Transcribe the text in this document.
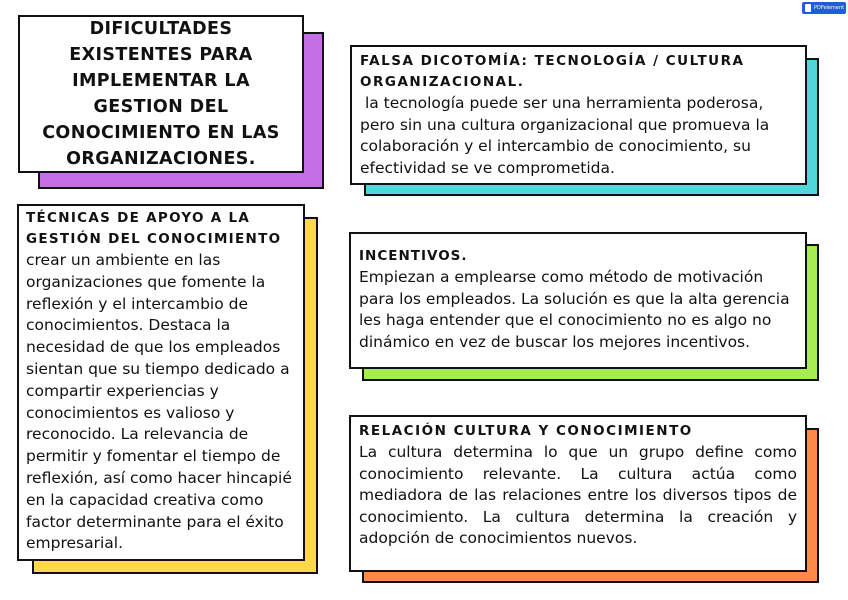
PDFelement
DIFICULTADES EXISTENTES PARA IMPLEMENTAR LA GESTION DEL CONOCIMIENTO EN LAS ORGANIZACIONES.
FALSA DICOTOMÍA: TECNOLOGÍA / CULTURA ORGANIZACIONAL.
la tecnología puede ser una herramienta poderosa, pero sin una cultura organizacional que promueva la colaboración y el intercambio de conocimiento, su efectividad se ve comprometida.
TÉCNICAS DE APOYO A LA GESTIÓN DEL CONOCIMIENTO
crear un ambiente en las organizaciones que fomente la reflexión y el intercambio de conocimientos. Destaca la necesidad de que los empleados sientan que su tiempo dedicado a compartir experiencias y conocimientos es valioso y reconocido. La relevancia de permitir y fomentar el tiempo de reflexión, así como hacer hincapié en la capacidad creativa como factor determinante para el éxito empresarial.
INCENTIVOS.
Empiezan a emplearse como método de motivación para los empleados. La solución es que la alta gerencia les haga entender que el conocimiento no es algo no dinámico en vez de buscar los mejores incentivos.
RELACIÓN CULTURA Y CONOCIMIENTO
La cultura determina lo que un grupo define como conocimiento relevante. La cultura actúa como mediadora de las relaciones entre los diversos tipos de conocimiento. La cultura determina la creación y adopción de conocimientos nuevos.
